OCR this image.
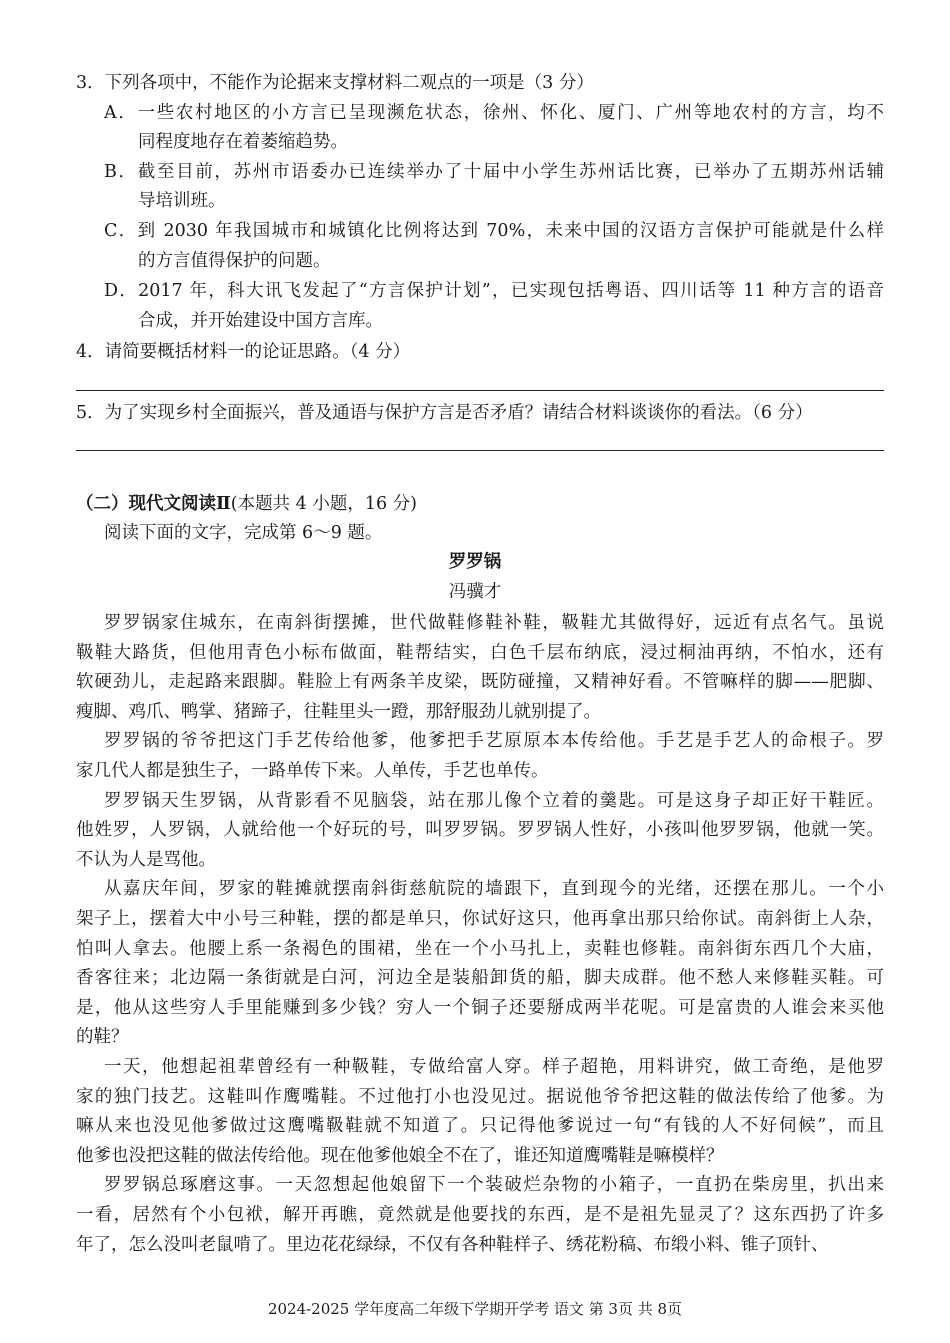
3．下列各项中，不能作为论据来支撑材料二观点的一项是（3 分）
A．一些农村地区的小方言已呈现濒危状态，徐州、怀化、厦门、广州等地农村的方言，均不
同程度地存在着萎缩趋势。
B．截至目前，苏州市语委办已连续举办了十届中小学生苏州话比赛，已举办了五期苏州话辅
导培训班。
C．到 2030 年我国城市和城镇化比例将达到 70%，未来中国的汉语方言保护可能就是什么样
的方言值得保护的问题。
D．2017 年，科大讯飞发起了“方言保护计划”，已实现包括粤语、四川话等 11 种方言的语音
合成，并开始建设中国方言库。
4．请简要概括材料一的论证思路。（4 分）
5．为了实现乡村全面振兴，普及通语与保护方言是否矛盾？请结合材料谈谈你的看法。（6 分）
（二）现代文阅读Ⅱ(本题共 4 小题，16 分)
阅读下面的文字，完成第 6～9 题。
罗罗锅
冯骥才
罗罗锅家住城东，在南斜街摆摊，世代做鞋修鞋补鞋，靸鞋尤其做得好，远近有点名气。虽说
靸鞋大路货，但他用青色小标布做面，鞋帮结实，白色千层布纳底，浸过桐油再纳，不怕水，还有
软硬劲儿，走起路来跟脚。鞋脸上有两条羊皮梁，既防碰撞，又精神好看。不管嘛样的脚——肥脚、
瘦脚、鸡爪、鸭掌、猪蹄子，往鞋里头一蹬，那舒服劲儿就别提了。
罗罗锅的爷爷把这门手艺传给他爹，他爹把手艺原原本本传给他。手艺是手艺人的命根子。罗
家几代人都是独生子，一路单传下来。人单传，手艺也单传。
罗罗锅天生罗锅，从背影看不见脑袋，站在那儿像个立着的羹匙。可是这身子却正好干鞋匠。
他姓罗，人罗锅，人就给他一个好玩的号，叫罗罗锅。罗罗锅人性好，小孩叫他罗罗锅，他就一笑。
不认为人是骂他。
从嘉庆年间，罗家的鞋摊就摆南斜街慈航院的墙跟下，直到现今的光绪，还摆在那儿。一个小
架子上，摆着大中小号三种鞋，摆的都是单只，你试好这只，他再拿出那只给你试。南斜街上人杂，
怕叫人拿去。他腰上系一条褐色的围裙，坐在一个小马扎上，卖鞋也修鞋。南斜街东西几个大庙，
香客往来；北边隔一条街就是白河，河边全是装船卸货的船，脚夫成群。他不愁人来修鞋买鞋。可
是，他从这些穷人手里能赚到多少钱？穷人一个铜子还要掰成两半花呢。可是富贵的人谁会来买他
的鞋？
一天，他想起祖辈曾经有一种靸鞋，专做给富人穿。样子超艳，用料讲究，做工奇绝，是他罗
家的独门技艺。这鞋叫作鹰嘴鞋。不过他打小也没见过。据说他爷爷把这鞋的做法传给了他爹。为
嘛从来也没见他爹做过这鹰嘴靸鞋就不知道了。只记得他爹说过一句“有钱的人不好伺候”，而且
他爹也没把这鞋的做法传给他。现在他爹他娘全不在了，谁还知道鹰嘴鞋是嘛模样？
罗罗锅总琢磨这事。一天忽想起他娘留下一个装破烂杂物的小箱子，一直扔在柴房里，扒出来
一看，居然有个小包袱，解开再瞧，竟然就是他要找的东西，是不是祖先显灵了？这东西扔了许多
年了，怎么没叫老鼠啃了。里边花花绿绿，不仅有各种鞋样子、绣花粉稿、布缎小料、锥子顶针、
2024-2025 学年度高二年级下学期开学考 语文 第 3页 共 8页
